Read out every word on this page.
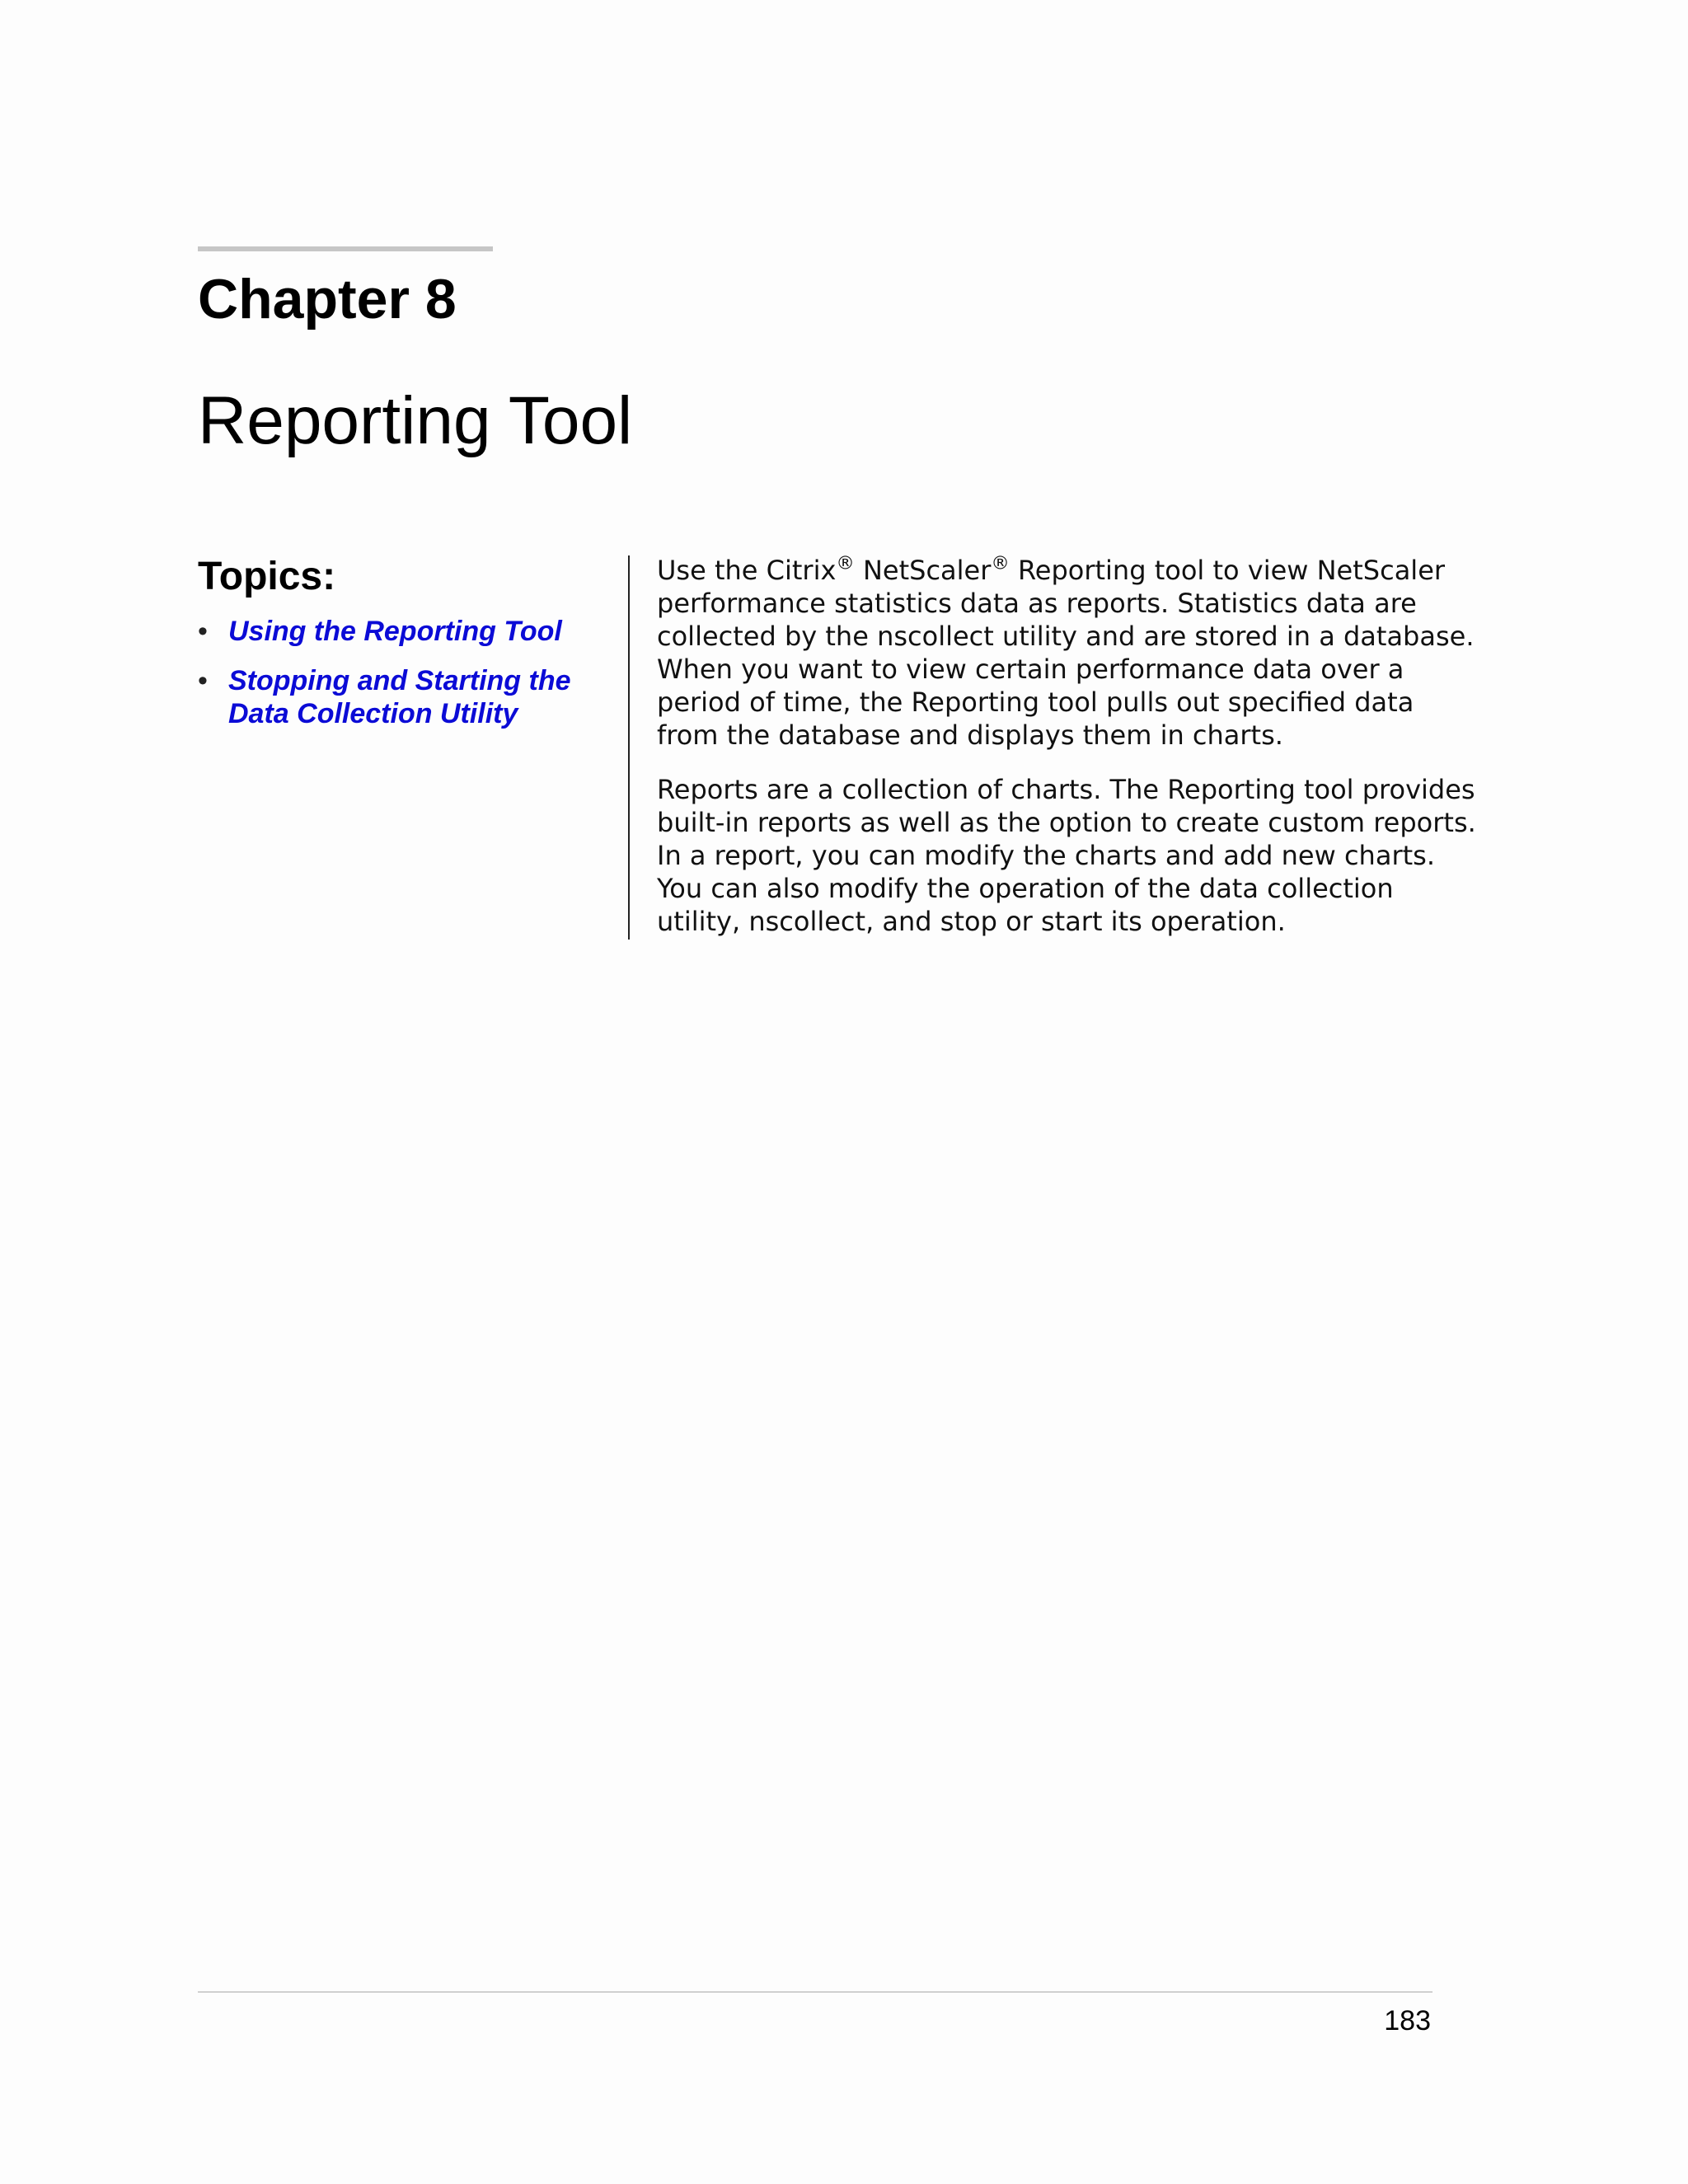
Chapter 8
Reporting Tool
Topics:
• Using the Reporting Tool
• Stopping and Starting the
Data Collection Utility

Use the Citrix® NetScaler® Reporting tool to view NetScaler
performance statistics data as reports. Statistics data are
collected by the nscollect utility and are stored in a database.
When you want to view certain performance data over a
period of time, the Reporting tool pulls out specified data
from the database and displays them in charts.

Reports are a collection of charts. The Reporting tool provides
built-in reports as well as the option to create custom reports.
In a report, you can modify the charts and add new charts.
You can also modify the operation of the data collection
utility, nscollect, and stop or start its operation.

183
